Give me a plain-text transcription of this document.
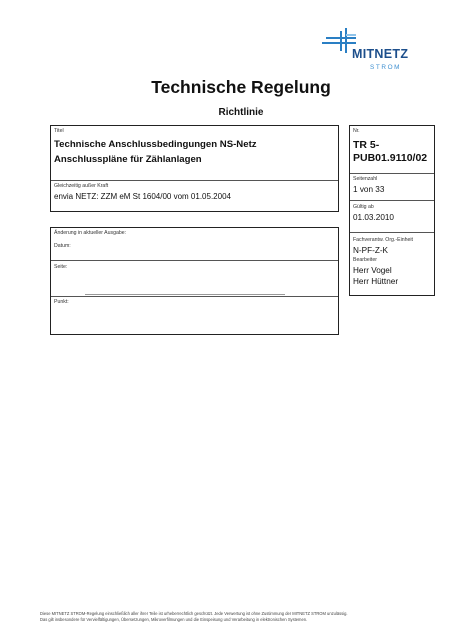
MITNETZ
STROM
Technische Regelung
Richtlinie
Titel
Technische Anschlussbedingungen NS-Netz
Anschlusspläne für Zählanlagen
Gleichzeitig außer Kraft
envia NETZ: ZZM eM St 1604/00 vom 01.05.2004
Änderung in aktueller Ausgabe:
Datum:
Seite:
Punkt:
Nr.
TR 5-
PUB01.9110/02
Seitenzahl
1 von 33
Gültig ab
01.03.2010
Fachverantw. Org.-Einheit
N-PF-Z-K
Bearbeiter
Herr Vogel
Herr Hüttner
Diese MITNETZ STROM-Regelung einschließlich aller ihrer Teile ist urheberrechtlich geschützt. Jede Verwertung ist ohne Zustimmung der MITNETZ STROM unzulässig.
Das gilt insbesondere für Vervielfältigungen, Übersetzungen, Mikroverfilmungen und die Einspeisung und Verarbeitung in elektronischen Systemen.
